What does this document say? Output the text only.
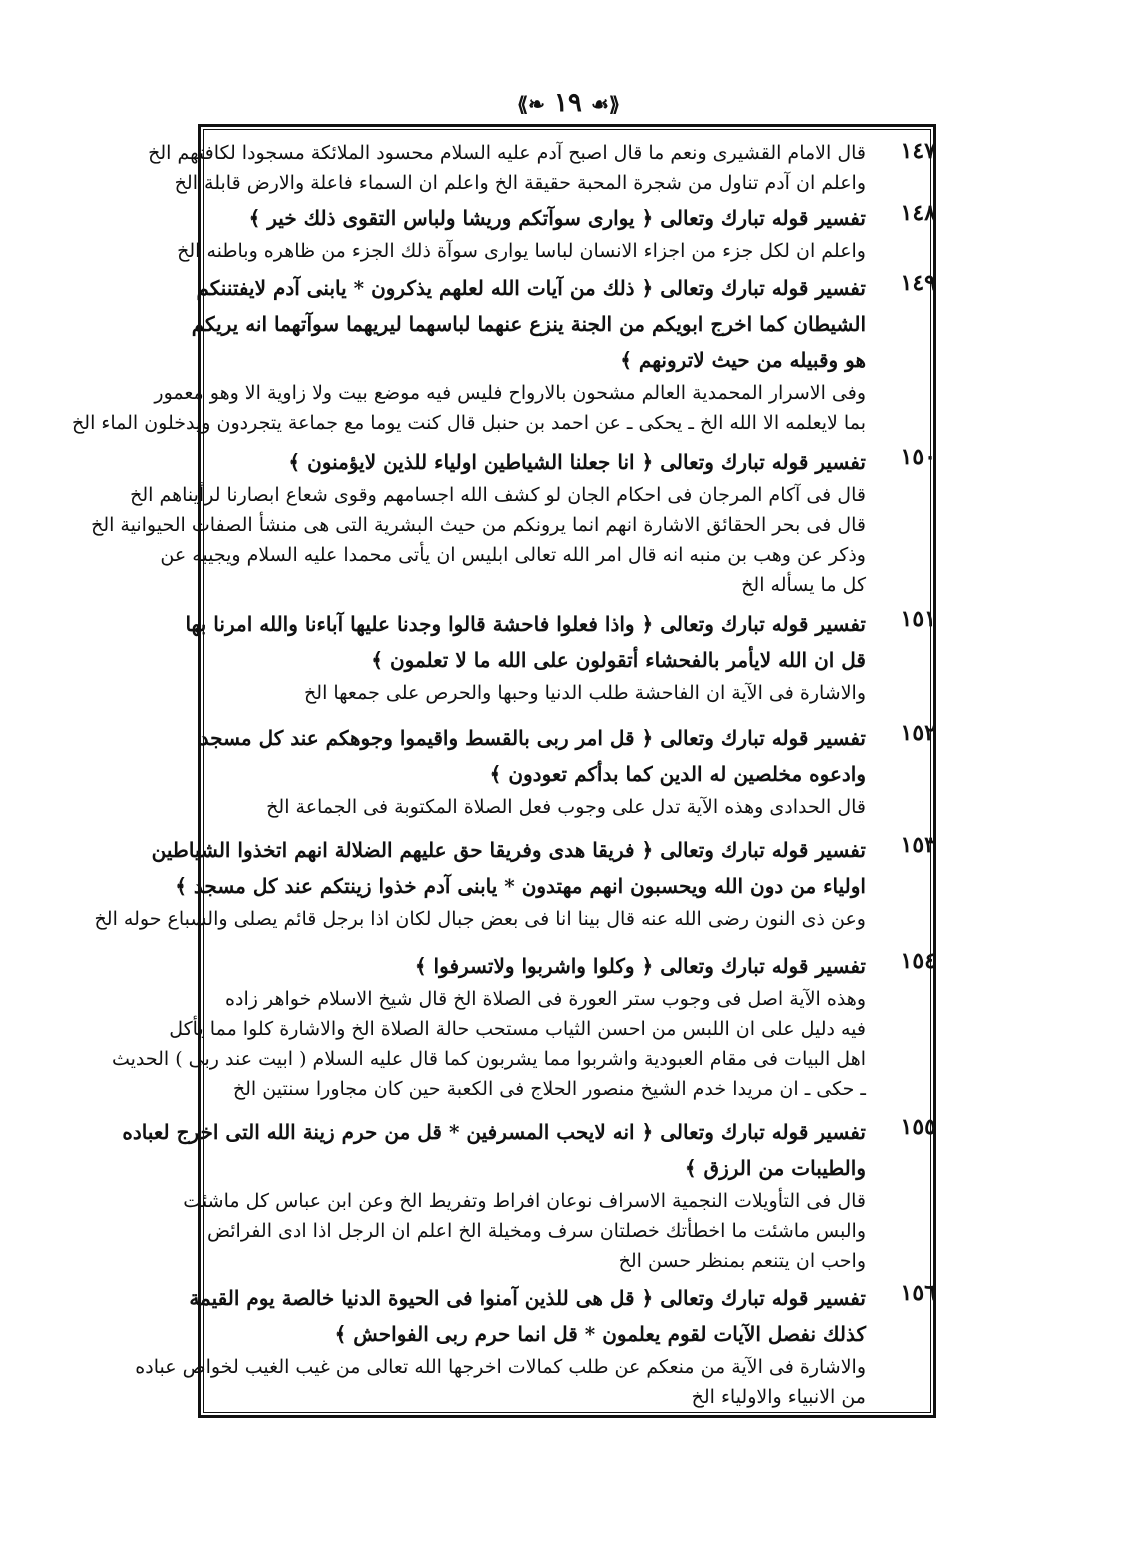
⟪❧ ١٩ ☙⟫
١٤٧
قال الامام القشيرى ونعم ما قال اصبح آدم عليه السلام محسود الملائكة مسجودا لكافتهم الخ
واعلم ان آدم تناول من شجرة المحبة حقيقة الخ واعلم ان السماء فاعلة والارض قابلة الخ
١٤٨
تفسير قوله تبارك وتعالى ﴿ يوارى سوآتكم وريشا ولباس التقوى ذلك خير ﴾
واعلم ان لكل جزء من اجزاء الانسان لباسا يوارى سوآة ذلك الجزء من ظاهره وباطنه الخ
١٤٩
تفسير قوله تبارك وتعالى ﴿ ذلك من آيات الله لعلهم يذكرون * يابنى آدم لايفتننكم
الشيطان كما اخرج ابويكم من الجنة ينزع عنهما لباسهما ليريهما سوآتهما انه يريكم
هو وقبيله من حيث لاترونهم ﴾
وفى الاسرار المحمدية العالم مشحون بالارواح فليس فيه موضع بيت ولا زاوية الا وهو معمور
بما لايعلمه الا الله الخ ـ يحكى ـ عن احمد بن حنبل قال كنت يوما مع جماعة يتجردون ويدخلون الماء الخ
١٥٠
تفسير قوله تبارك وتعالى ﴿ انا جعلنا الشياطين اولياء للذين لايؤمنون ﴾
قال فى آكام المرجان فى احكام الجان لو كشف الله اجسامهم وقوى شعاع ابصارنا لرأيناهم الخ
قال فى بحر الحقائق الاشارة انهم انما يرونكم من حيث البشرية التى هى منشأ الصفات الحيوانية الخ
وذكر عن وهب بن منبه انه قال امر الله تعالى ابليس ان يأتى محمدا عليه السلام ويجيبه عن
كل ما يسأله الخ
١٥١
تفسير قوله تبارك وتعالى ﴿ واذا فعلوا فاحشة قالوا وجدنا عليها آباءنا والله امرنا بها
قل ان الله لايأمر بالفحشاء أتقولون على الله ما لا تعلمون ﴾
والاشارة فى الآية ان الفاحشة طلب الدنيا وحبها والحرص على جمعها الخ
١٥٢
تفسير قوله تبارك وتعالى ﴿ قل امر ربى بالقسط واقيموا وجوهكم عند كل مسجد
وادعوه مخلصين له الدين كما بدأكم تعودون ﴾
قال الحدادى وهذه الآية تدل على وجوب فعل الصلاة المكتوبة فى الجماعة الخ
١٥٣
تفسير قوله تبارك وتعالى ﴿ فريقا هدى وفريقا حق عليهم الضلالة انهم اتخذوا الشياطين
اولياء من دون الله ويحسبون انهم مهتدون * يابنى آدم خذوا زينتكم عند كل مسجد ﴾
وعن ذى النون رضى الله عنه قال بينا انا فى بعض جبال لكان اذا برجل قائم يصلى والسباع حوله الخ
١٥٤
تفسير قوله تبارك وتعالى ﴿ وكلوا واشربوا ولاتسرفوا ﴾
وهذه الآية اصل فى وجوب ستر العورة فى الصلاة الخ قال شيخ الاسلام خواهر زاده
فيه دليل على ان اللبس من احسن الثياب مستحب حالة الصلاة الخ والاشارة كلوا مما يأكل
اهل البيات فى مقام العبودية واشربوا مما يشربون كما قال عليه السلام ( ابيت عند ربى ) الحديث
ـ حكى ـ ان مريدا خدم الشيخ منصور الحلاج فى الكعبة حين كان مجاورا سنتين الخ
١٥٥
تفسير قوله تبارك وتعالى ﴿ انه لايحب المسرفين * قل من حرم زينة الله التى اخرج لعباده
والطيبات من الرزق ﴾
قال فى التأويلات النجمية الاسراف نوعان افراط وتفريط الخ وعن ابن عباس كل ماشئت
والبس ماشئت ما اخطأتك خصلتان سرف ومخيلة الخ اعلم ان الرجل اذا ادى الفرائض
واحب ان يتنعم بمنظر حسن الخ
١٥٦
تفسير قوله تبارك وتعالى ﴿ قل هى للذين آمنوا فى الحيوة الدنيا خالصة يوم القيمة
كذلك نفصل الآيات لقوم يعلمون * قل انما حرم ربى الفواحش ﴾
والاشارة فى الآية من منعكم عن طلب كمالات اخرجها الله تعالى من غيب الغيب لخواص عباده
من الانبياء والاولياء الخ
